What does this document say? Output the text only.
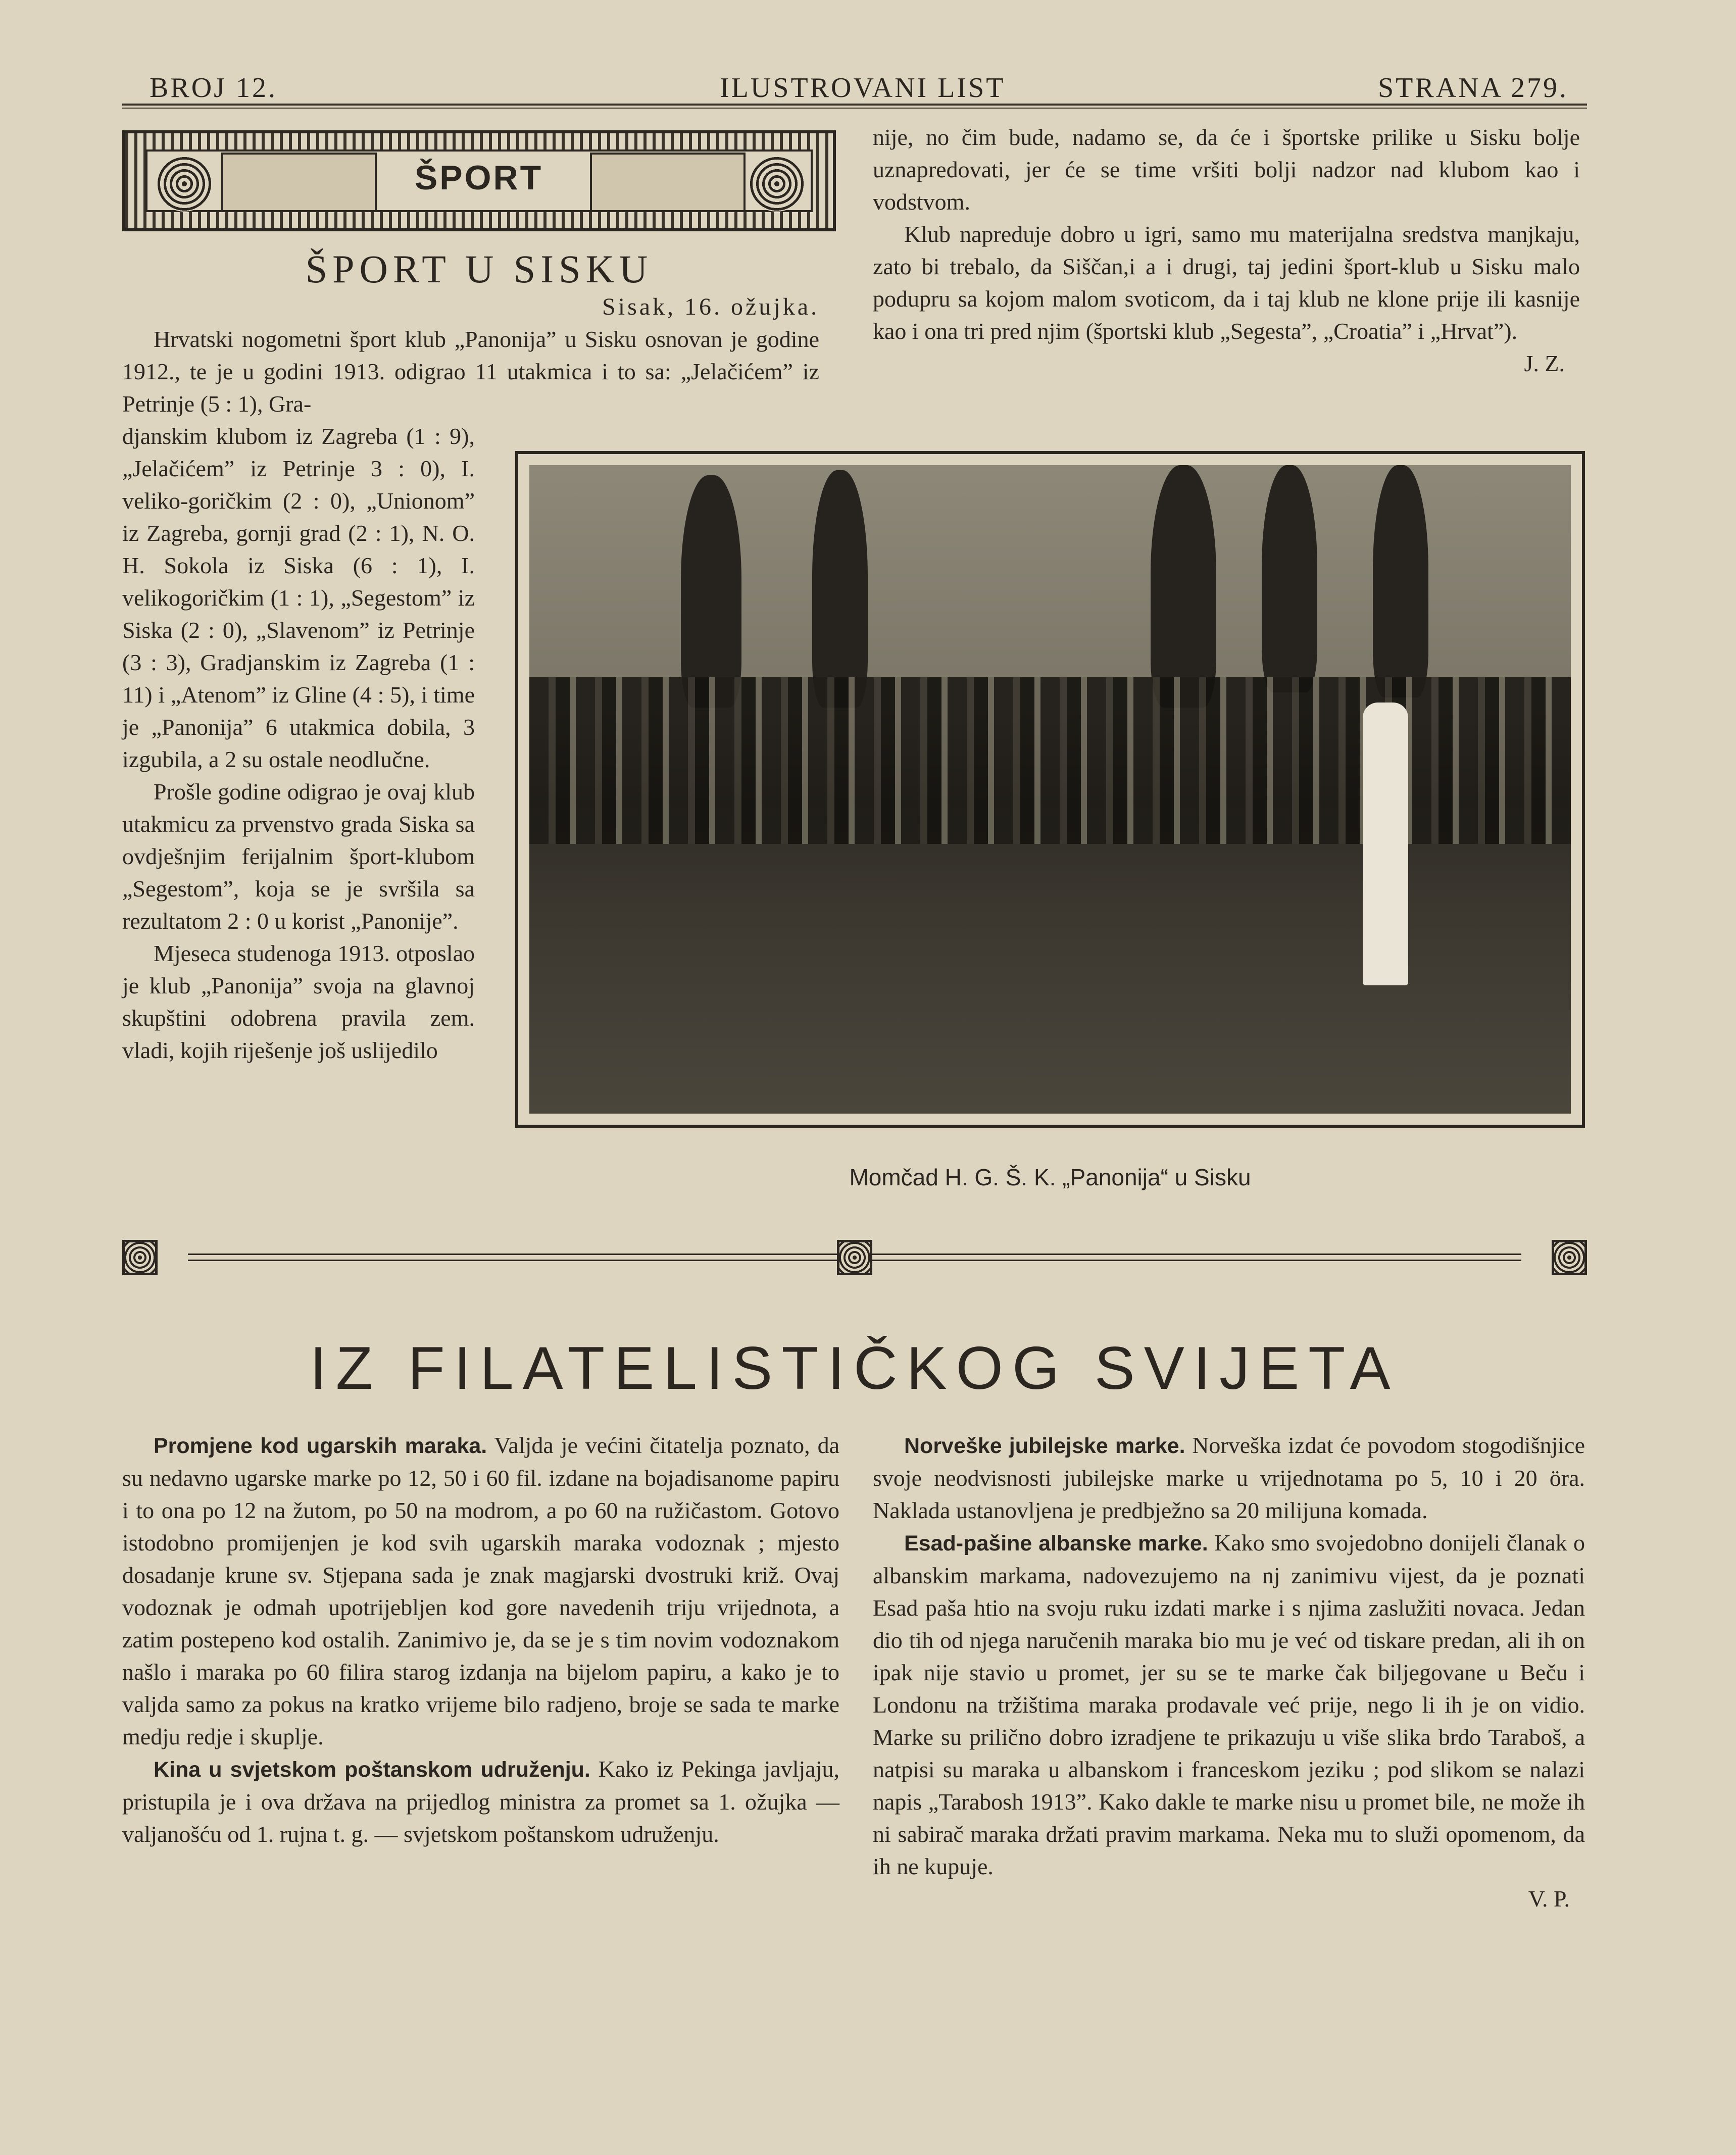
BROJ 12.	ILUSTROVANI LIST	STRANA 279.
ŠPORT
ŠPORT U SISKU
Sisak, 16. ožujka.

Hrvatski nogometni šport klub „Panonija” u Sisku osnovan je godine 1912., te je u godini 1913. odigrao 11 utakmica i to sa: „Jelačićem” iz Petrinje (5 : 1), Gra-

djanskim klubom iz Zagreba (1 : 9), „Jelačićem” iz Petrinje 3 : 0), I. veliko-goričkim (2 : 0), „Unionom” iz Zagreba, gornji grad (2 : 1), N. O. H. Sokola iz Siska (6 : 1), I. velikogoričkim (1 : 1), „Segestom” iz Siska (2 : 0), „Slavenom” iz Petrinje (3 : 3), Gradjanskim iz Zagreba (1 : 11) i „Atenom” iz Gline (4 : 5), i time je „Panonija” 6 utakmica dobila, 3 izgubila, a 2 su ostale neodlučne.

Prošle godine odigrao je ovaj klub utakmicu za prvenstvo grada Siska sa ovdješnjim ferijalnim šport-klubom „Segestom”, koja se je svršila sa rezultatom 2 : 0 u korist „Panonije”.

Mjeseca studenoga 1913. otposlao je klub „Panonija” svoja na glavnoj skupštini odobrena pravila zem. vladi, kojih riješenje još uslijedilo

nije, no čim bude, nadamo se, da će i športske prilike u Sisku bolje uznapredovati, jer će se time vršiti bolji nadzor nad klubom kao i vodstvom.

Klub napreduje dobro u igri, samo mu materijalna sredstva manjkaju, zato bi trebalo, da Siščan,i a i drugi, taj jedini šport-klub u Sisku malo podupru sa kojom malom svoticom, da i taj klub ne klone prije ili kasnije kao i ona tri pred njim (športski klub „Segesta”, „Croatia” i „Hrvat”).

J. Z.

Momčad H. G. Š. K. „Panonija“ u Sisku
IZ FILATELISTIČKOG SVIJETA

Promjene kod ugarskih maraka. Valjda je većini čitatelja poznato, da su nedavno ugarske marke po 12, 50 i 60 fil. izdane na bojadisanome papiru i to ona po 12 na žutom, po 50 na modrom, a po 60 na ružičastom. Gotovo istodobno promijenjen je kod svih ugarskih maraka vodoznak ; mjesto dosadanje krune sv. Stjepana sada je znak magjarski dvostruki križ. Ovaj vodoznak je odmah upotrijebljen kod gore navedenih triju vrijednota, a zatim postepeno kod ostalih. Zanimivo je, da se je s tim novim vodoznakom našlo i maraka po 60 filira starog izdanja na bijelom papiru, a kako je to valjda samo za pokus na kratko vrijeme bilo radjeno, broje se sada te marke medju redje i skuplje.

Kina u svjetskom poštanskom udruženju. Kako iz Pekinga javljaju, pristupila je i ova država na prijedlog ministra za promet sa 1. ožujka — valjanošću od 1. rujna t. g. — svjetskom poštanskom udruženju.

Norveške jubilejske marke. Norveška izdat će povodom stogodišnjice svoje neodvisnosti jubilejske marke u vrijednotama po 5, 10 i 20 öra. Naklada ustanovljena je predbježno sa 20 milijuna komada.

Esad-pašine albanske marke. Kako smo svojedobno donijeli članak o albanskim markama, nadovezujemo na nj zanimivu vijest, da je poznati Esad paša htio na svoju ruku izdati marke i s njima zaslužiti novaca. Jedan dio tih od njega naručenih maraka bio mu je već od tiskare predan, ali ih on ipak nije stavio u promet, jer su se te marke čak biljegovane u Beču i Londonu na tržištima maraka prodavale već prije, nego li ih je on vidio. Marke su prilično dobro izradjene te prikazuju u više slika brdo Taraboš, a natpisi su maraka u albanskom i franceskom jeziku ; pod slikom se nalazi napis „Tarabosh 1913”. Kako dakle te marke nisu u promet bile, ne može ih ni sabirač maraka držati pravim markama. Neka mu to služi opomenom, da ih ne kupuje.

V. P.
